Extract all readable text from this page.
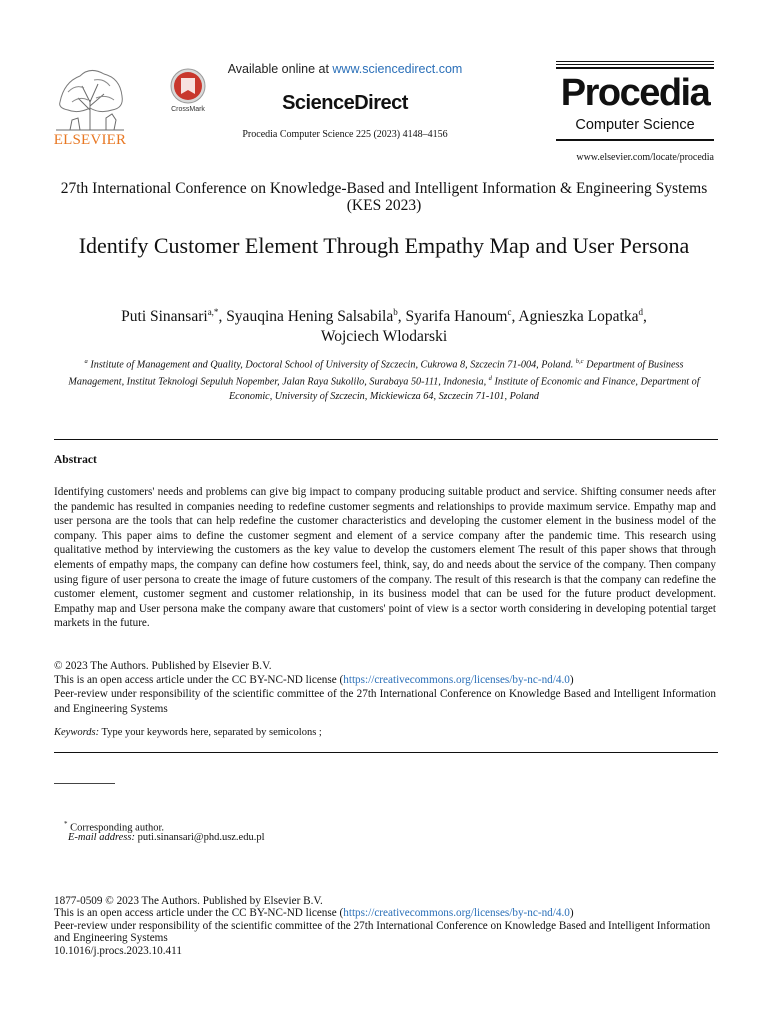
ELSEVIER
CrossMark
Available online at www.sciencedirect.com
ScienceDirect
Procedia Computer Science 225 (2023) 4148–4156
Procedia
Computer Science
www.elsevier.com/locate/procedia
27th International Conference on Knowledge-Based and Intelligent Information & Engineering Systems (KES 2023)
Identify Customer Element Through Empathy Map and User Persona
Puti Sinansari$^{a,*}$, Syauqina Hening Salsabila$^b$, Syarifa Hanoum$^c$, Agnieszka Lopatka$^d$,
Wojciech Wlodarski
$^a$ Institute of Management and Quality, Doctoral School of University of Szczecin, Cukrowa 8, Szczecin 71-004, Poland. $^{b,c}$ Department of Business Management, Institut Teknologi Sepuluh Nopember, Jalan Raya Sukolilo, Surabaya 50-111, Indonesia, $^d$ Institute of Economic and Finance, Department of Economic, University of Szczecin, Mickiewicza 64, Szczecin 71-101, Poland
Abstract
Identifying customers' needs and problems can give big impact to company producing suitable product and service. Shifting consumer needs after the pandemic has resulted in companies needing to redefine customer segments and relationships to provide maximum service. Empathy map and user persona are the tools that can help redefine the customer characteristics and developing the customer element in the business model of the company. This paper aims to define the customer segment and element of a service company after the pandemic time. This research using qualitative method by interviewing the customers as the key value to develop the customers element The result of this paper shows that through elements of empathy maps, the company can define how costumers feel, think, say, do and needs about the service of the company. Then company using figure of user persona to create the image of future customers of the company. The result of this research is that the company can redefine the customer element, customer segment and customer relationship, in its business model that can be used for the future product development. Empathy map and User persona make the company aware that customers' point of view is a sector worth considering in developing potential target markets in the future.
© 2023 The Authors. Published by Elsevier B.V.
This is an open access article under the CC BY-NC-ND license (https://creativecommons.org/licenses/by-nc-nd/4.0)
Peer-review under responsibility of the scientific committee of the 27th International Conference on Knowledge Based and Intelligent Information and Engineering Systems
Keywords: Type your keywords here, separated by semicolons ;
* Corresponding author.
E-mail address: puti.sinansari@phd.usz.edu.pl
1877-0509 © 2023 The Authors. Published by Elsevier B.V.
This is an open access article under the CC BY-NC-ND license (https://creativecommons.org/licenses/by-nc-nd/4.0)
Peer-review under responsibility of the scientific committee of the 27th International Conference on Knowledge Based and Intelligent Information and Engineering Systems
10.1016/j.procs.2023.10.411
